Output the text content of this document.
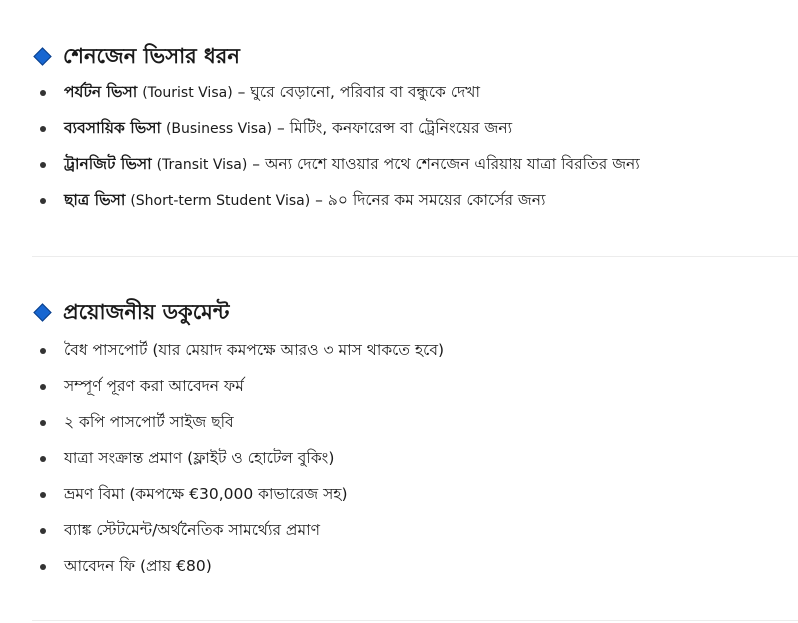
শেনজেন ভিসার ধরন
পর্যটন ভিসা (Tourist Visa) – ঘুরে বেড়ানো, পরিবার বা বন্ধুকে দেখা
ব্যবসায়িক ভিসা (Business Visa) – মিটিং, কনফারেন্স বা ট্রেনিংয়ের জন্য
ট্রানজিট ভিসা (Transit Visa) – অন্য দেশে যাওয়ার পথে শেনজেন এরিয়ায় যাত্রা বিরতির জন্য
ছাত্র ভিসা (Short-term Student Visa) – ৯০ দিনের কম সময়ের কোর্সের জন্য
প্রয়োজনীয় ডকুমেন্ট
বৈধ পাসপোর্ট (যার মেয়াদ কমপক্ষে আরও ৩ মাস থাকতে হবে)
সম্পূর্ণ পূরণ করা আবেদন ফর্ম
২ কপি পাসপোর্ট সাইজ ছবি
যাত্রা সংক্রান্ত প্রমাণ (ফ্লাইট ও হোটেল বুকিং)
ভ্রমণ বিমা (কমপক্ষে €30,000 কাভারেজ সহ)
ব্যাঙ্ক স্টেটমেন্ট/অর্থনৈতিক সামর্থ্যের প্রমাণ
আবেদন ফি (প্রায় €80)
